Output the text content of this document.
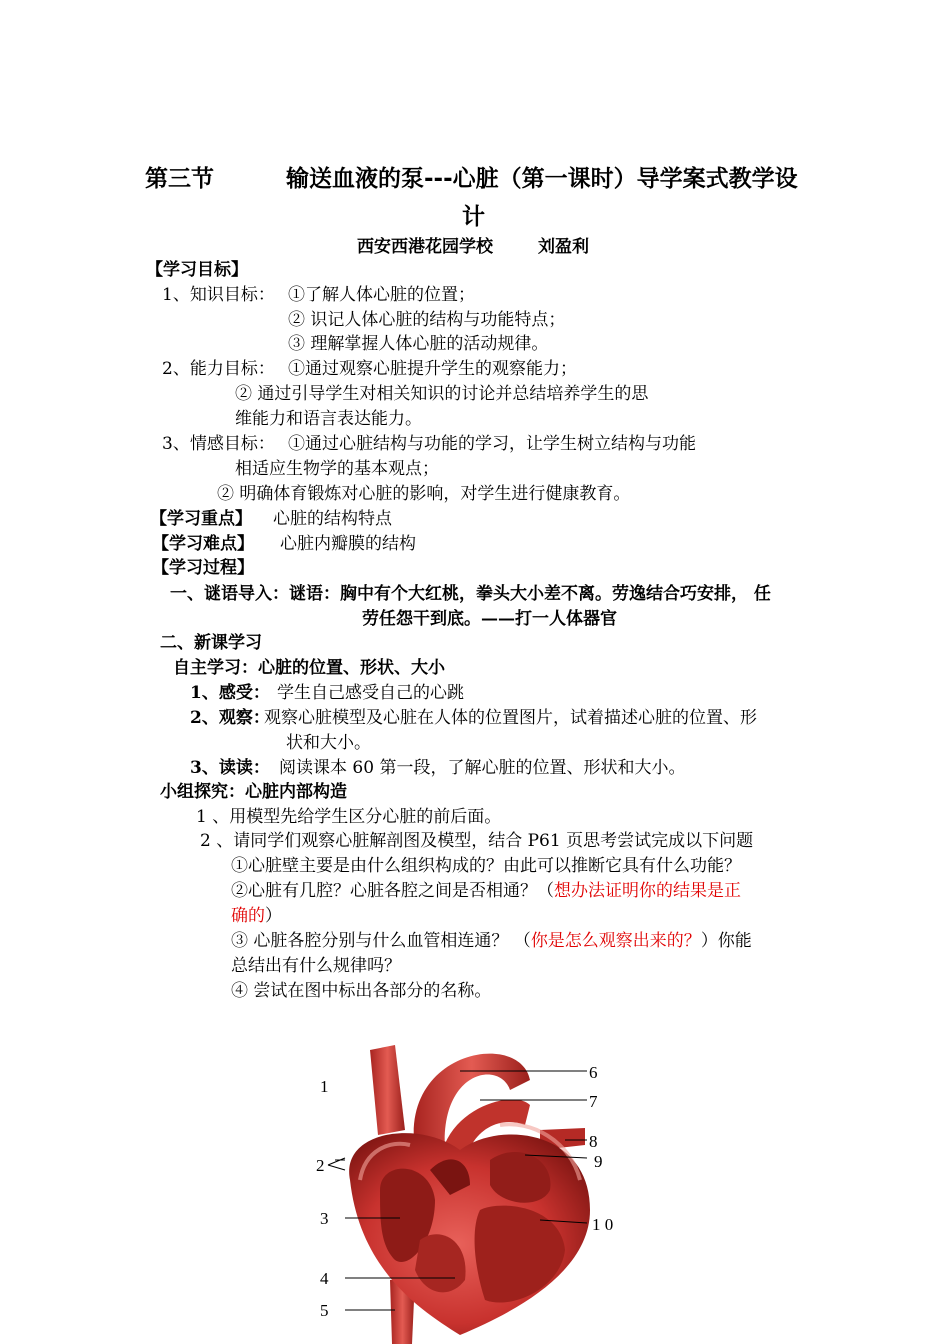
第三节	输送血液的泵---心脏（第一课时）导学案式教学设
计
西安西港花园学校	刘盈利
【学习目标】
1、知识目标： ①了解人体心脏的位置；
② 识记人体心脏的结构与功能特点；
③ 理解掌握人体心脏的活动规律。
2、能力目标： ①通过观察心脏提升学生的观察能力；
② 通过引导学生对相关知识的讨论并总结培养学生的思
维能力和语言表达能力。
3、情感目标： ①通过心脏结构与功能的学习，让学生树立结构与功能
相适应生物学的基本观点；
② 明确体育锻炼对心脏的影响，对学生进行健康教育。
【学习重点】 心脏的结构特点
【学习难点】 心脏内瓣膜的结构
【学习过程】
一、谜语导入：谜语：胸中有个大红桃，拳头大小差不离。劳逸结合巧安排， 任
劳任怨干到底。——打一人体器官
二、新课学习
自主学习：心脏的位置、形状、大小
1、感受： 学生自己感受自己的心跳
2、观察：
观察心脏模型及心脏在人体的位置图片，试着描述心脏的位置、形
状和大小。
3、读读： 阅读课本 60 第一段，了解心脏的位置、形状和大小。
小组探究：心脏内部构造
1 、用模型先给学生区分心脏的前后面。
2 、请同学们观察心脏解剖图及模型，结合 P61 页思考尝试完成以下问题
①心脏壁主要是由什么组织构成的？由此可以推断它具有什么功能？
②心脏有几腔？心脏各腔之间是否相通？（想办法证明你的结果是正
确的）
③ 心脏各腔分别与什么血管相连通？ （你是怎么观察出来的？）你能
总结出有什么规律吗？
④ 尝试在图中标出各部分的名称。
1
2
3
4
5
6
7
8
9
1 0
